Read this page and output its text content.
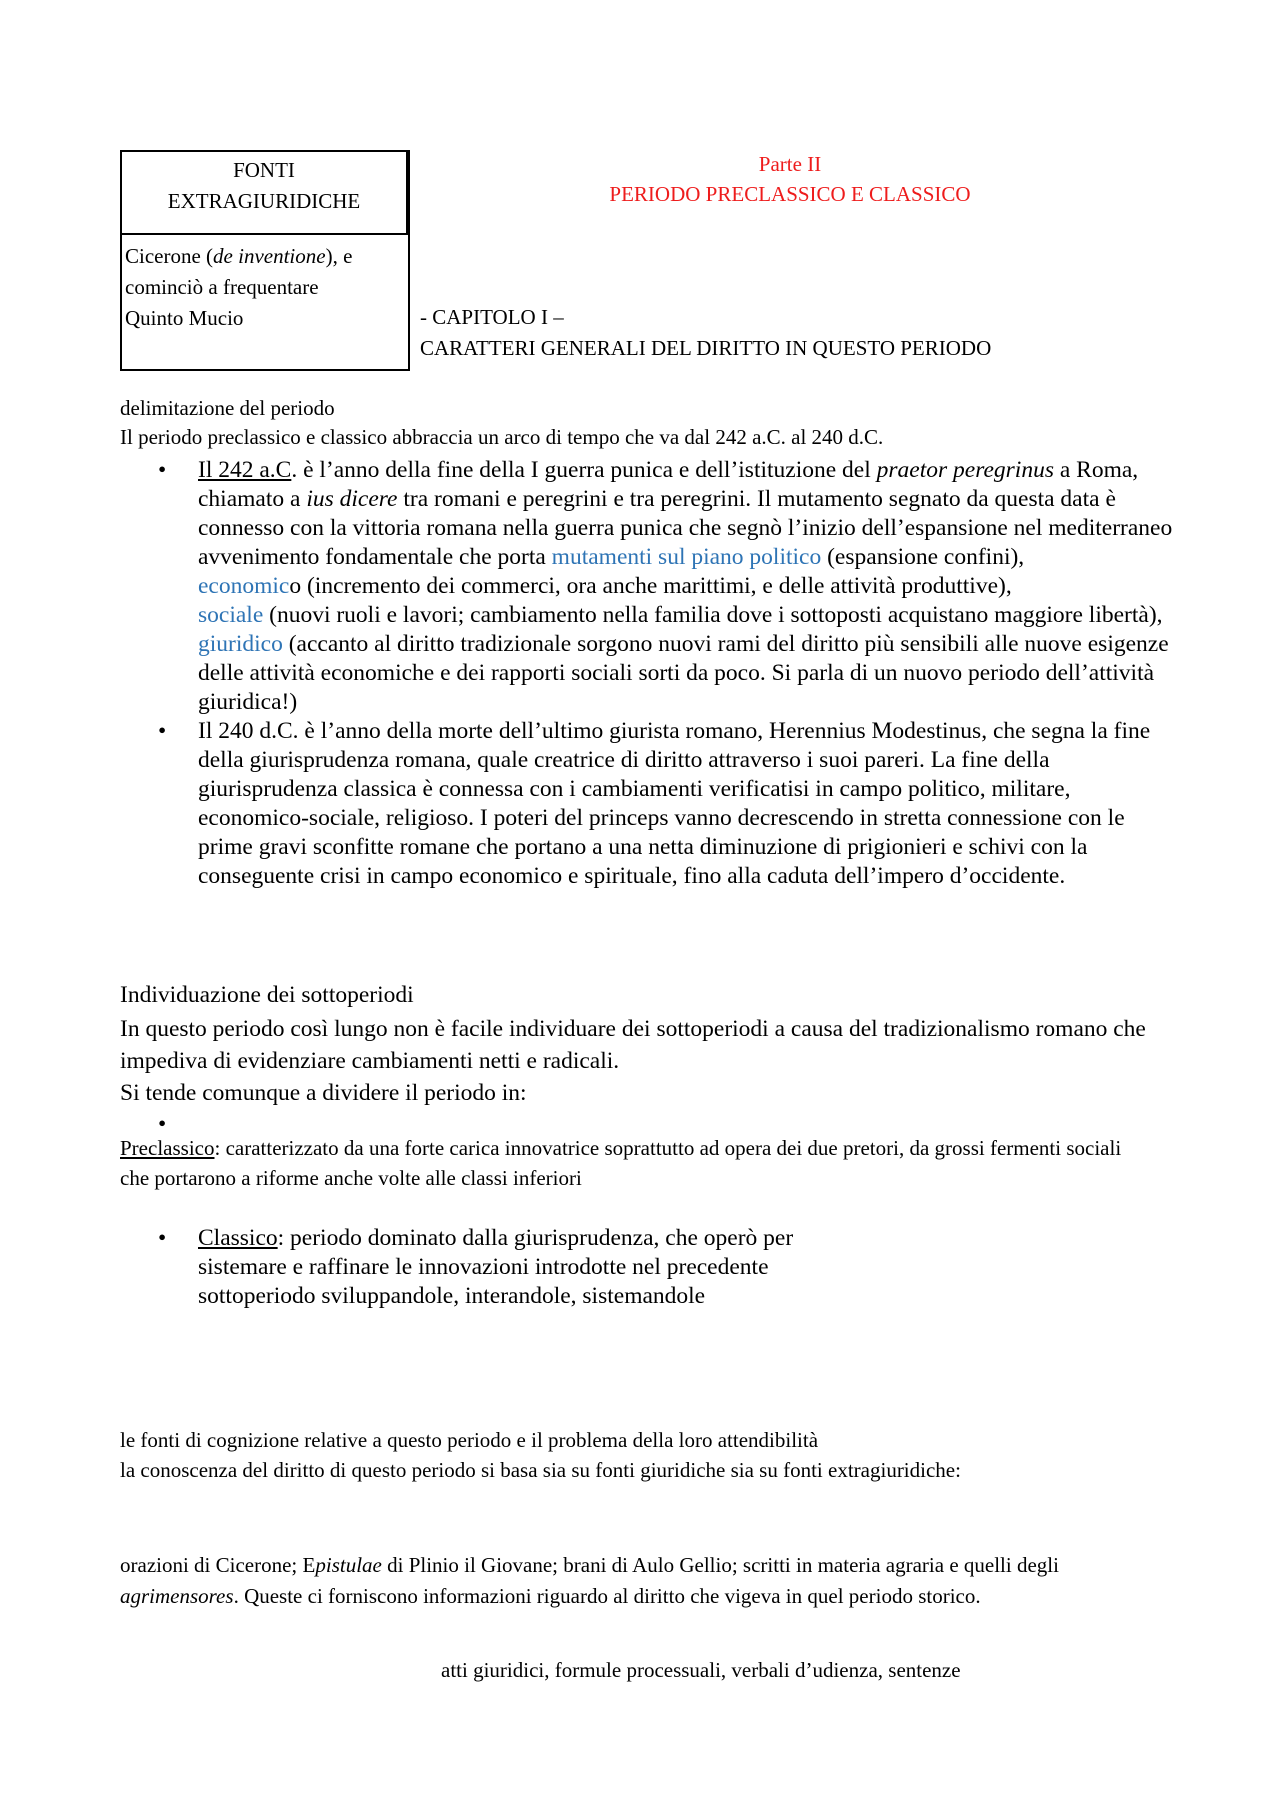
FONTI
EXTRAGIURIDICHE
Cicerone (de inventione), e
cominciò a frequentare
Quinto Mucio
Parte II
PERIODO PRECLASSICO E CLASSICO
- CAPITOLO I –
CARATTERI GENERALI DEL DIRITTO IN QUESTO PERIODO
delimitazione del periodo
Il periodo preclassico e classico abbraccia un arco di tempo che va dal 242 a.C. al 240 d.C.
• Il 242 a.C. è l’anno della fine della I guerra punica e dell’istituzione del praetor peregrinus a Roma, chiamato a ius dicere tra romani e peregrini e tra peregrini. Il mutamento segnato da questa data è connesso con la vittoria romana nella guerra punica che segnò l’inizio dell’espansione nel mediterraneo
avvenimento fondamentale che porta mutamenti sul piano politico (espansione confini),
economico (incremento dei commerci, ora anche marittimi, e delle attività produttive),
sociale (nuovi ruoli e lavori; cambiamento nella familia dove i sottoposti acquistano maggiore libertà), giuridico (accanto al diritto tradizionale sorgono nuovi rami del diritto più sensibili alle nuove esigenze delle attività economiche e dei rapporti sociali sorti da poco. Si parla di un nuovo periodo dell’attività giuridica!)
• Il 240 d.C. è l’anno della morte dell’ultimo giurista romano, Herennius Modestinus, che segna la fine della giurisprudenza romana, quale creatrice di diritto attraverso i suoi pareri. La fine della giurisprudenza classica è connessa con i cambiamenti verificatisi in campo politico, militare, economico-sociale, religioso. I poteri del princeps vanno decrescendo in stretta connessione con le prime gravi sconfitte romane che portano a una netta diminuzione di prigionieri e schivi con la conseguente crisi in campo economico e spirituale, fino alla caduta dell’impero d’occidente.
Individuazione dei sottoperiodi
In questo periodo così lungo non è facile individuare dei sottoperiodi a causa del tradizionalismo romano che impediva di evidenziare cambiamenti netti e radicali.
Si tende comunque a dividere il periodo in:
•
Preclassico: caratterizzato da una forte carica innovatrice soprattutto ad opera dei due pretori, da grossi fermenti sociali che portarono a riforme anche volte alle classi inferiori
• Classico: periodo dominato dalla giurisprudenza, che operò per sistemare e raffinare le innovazioni introdotte nel precedente sottoperiodo sviluppandole, interandole, sistemandole
le fonti di cognizione relative a questo periodo e il problema della loro attendibilità
la conoscenza del diritto di questo periodo si basa sia su fonti giuridiche sia su fonti extragiuridiche:
orazioni di Cicerone; Epistulae di Plinio il Giovane; brani di Aulo Gellio; scritti in materia agraria e quelli degli agrimensores. Queste ci forniscono informazioni riguardo al diritto che vigeva in quel periodo storico.
atti giuridici, formule processuali, verbali d’udienza, sentenze
